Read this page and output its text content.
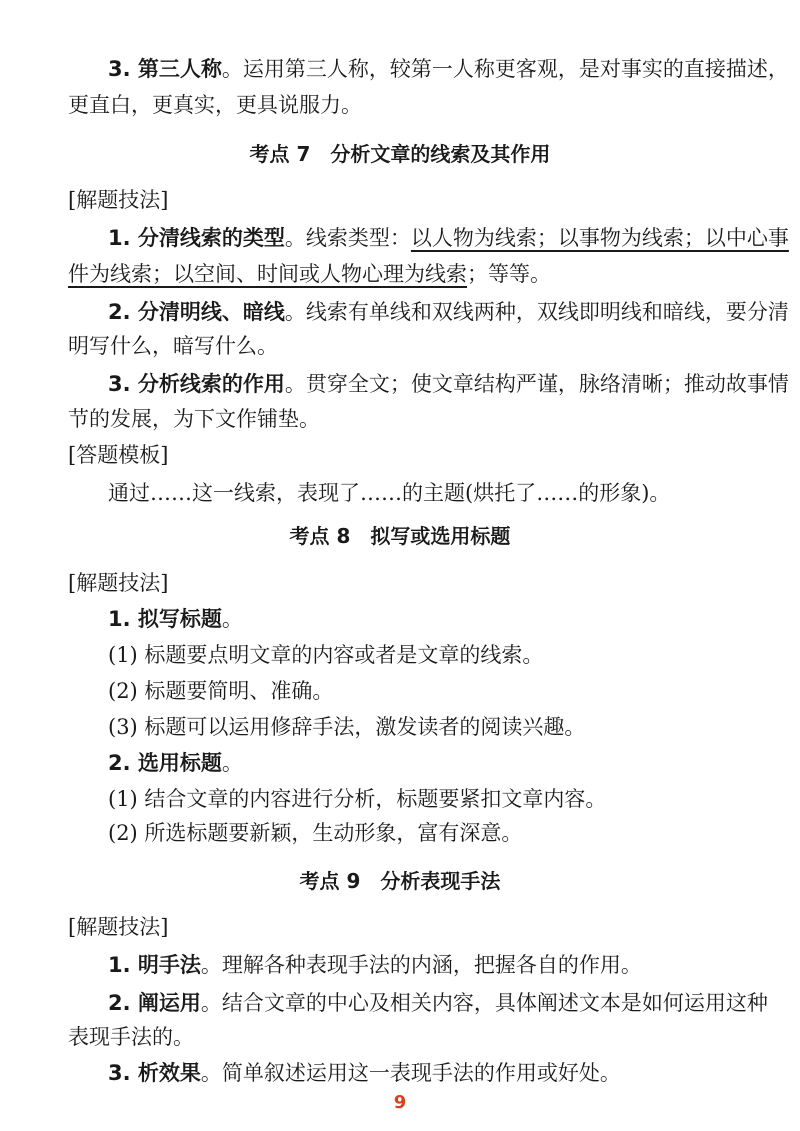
3. 第三人称。运用第三人称，较第一人称更客观，是对事实的直接描述，
更直白，更真实，更具说服力。
考点 7　分析文章的线索及其作用
[解题技法]
1. 分清线索的类型。线索类型：以人物为线索；以事物为线索；以中心事
件为线索；以空间、时间或人物心理为线索；等等。
2. 分清明线、暗线。线索有单线和双线两种，双线即明线和暗线，要分清
明写什么，暗写什么。
3. 分析线索的作用。贯穿全文；使文章结构严谨，脉络清晰；推动故事情
节的发展，为下文作铺垫。
[答题模板]
通过……这一线索，表现了……的主题(烘托了……的形象)。
考点 8　拟写或选用标题
[解题技法]
1. 拟写标题。
(1) 标题要点明文章的内容或者是文章的线索。
(2) 标题要简明、准确。
(3) 标题可以运用修辞手法，激发读者的阅读兴趣。
2. 选用标题。
(1) 结合文章的内容进行分析，标题要紧扣文章内容。
(2) 所选标题要新颖，生动形象，富有深意。
考点 9　分析表现手法
[解题技法]
1. 明手法。理解各种表现手法的内涵，把握各自的作用。
2. 阐运用。结合文章的中心及相关内容，具体阐述文本是如何运用这种
表现手法的。
3. 析效果。简单叙述运用这一表现手法的作用或好处。
9
